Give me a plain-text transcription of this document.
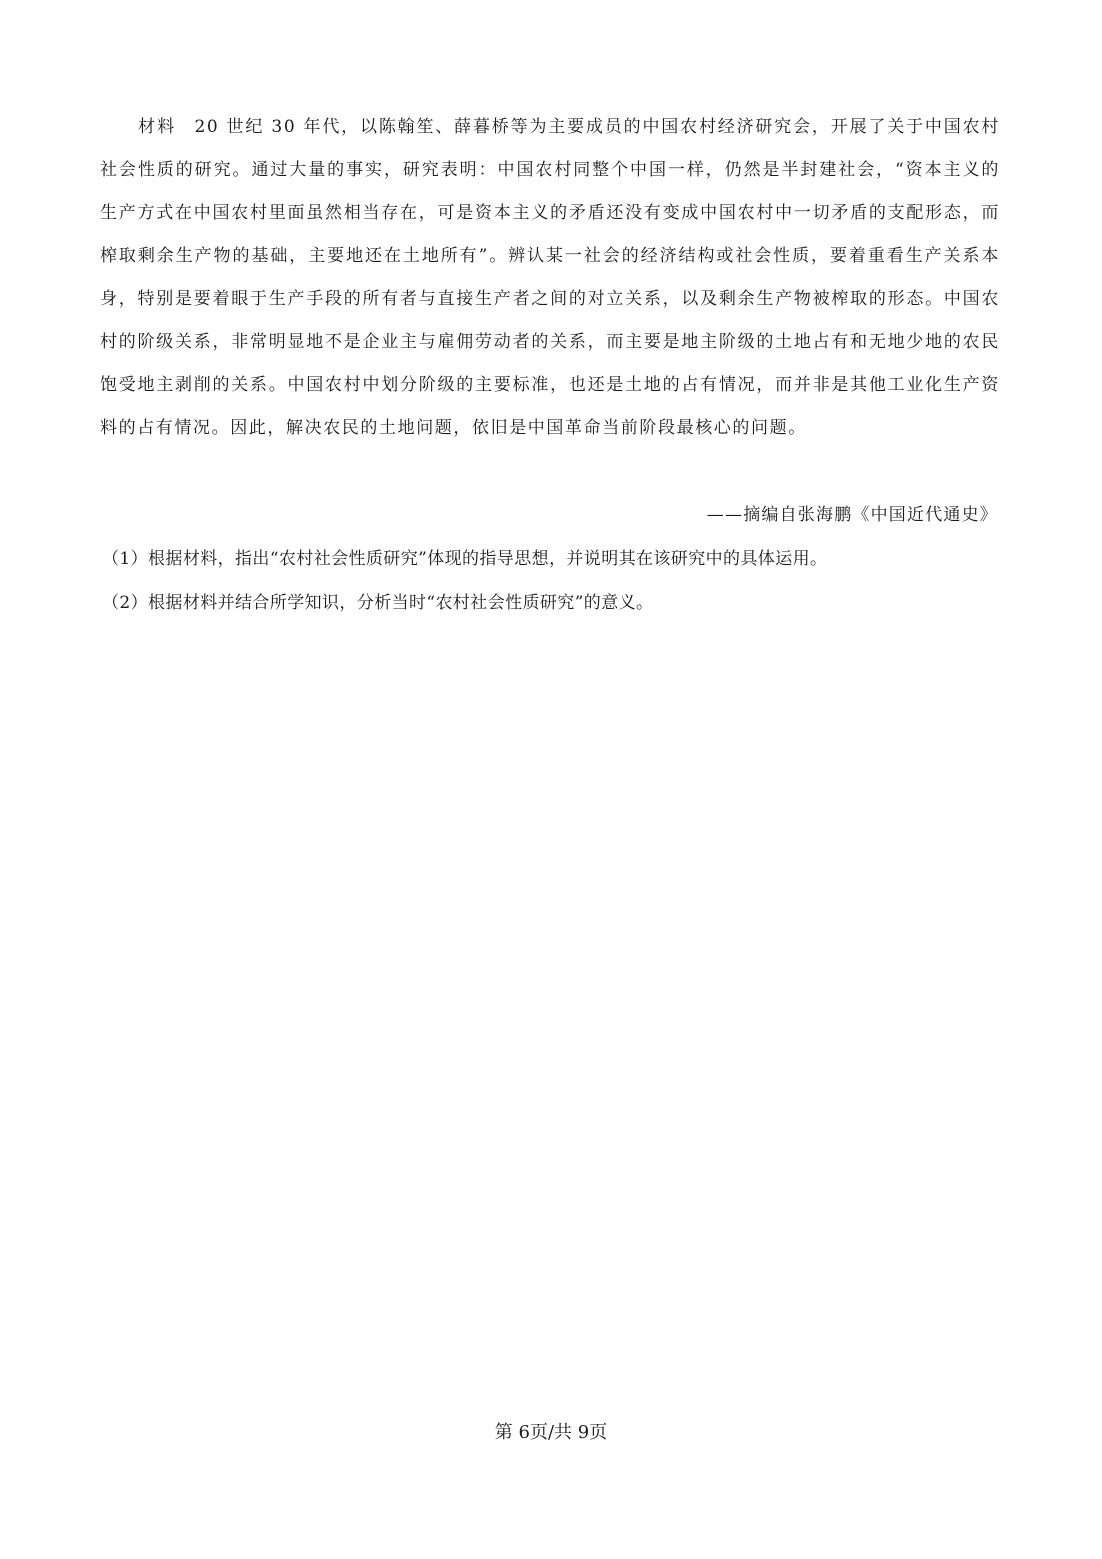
材料 20 世纪 30 年代，以陈翰笙、薛暮桥等为主要成员的中国农村经济研究会，开展了关于中国农村社会性质的研究。通过大量的事实，研究表明：中国农村同整个中国一样，仍然是半封建社会，“资本主义的生产方式在中国农村里面虽然相当存在，可是资本主义的矛盾还没有变成中国农村中一切矛盾的支配形态，而榨取剩余生产物的基础，主要地还在土地所有”。辨认某一社会的经济结构或社会性质，要着重看生产关系本身，特别是要着眼于生产手段的所有者与直接生产者之间的对立关系，以及剩余生产物被榨取的形态。中国农村的阶级关系，非常明显地不是企业主与雇佣劳动者的关系，而主要是地主阶级的土地占有和无地少地的农民饱受地主剥削的关系。中国农村中划分阶级的主要标准，也还是土地的占有情况，而并非是其他工业化生产资料的占有情况。因此，解决农民的土地问题，依旧是中国革命当前阶段最核心的问题。

——摘编自张海鹏《中国近代通史》
（1）根据材料，指出“农村社会性质研究”体现的指导思想，并说明其在该研究中的具体运用。
（2）根据材料并结合所学知识，分析当时“农村社会性质研究”的意义。
第 6页/共 9页
